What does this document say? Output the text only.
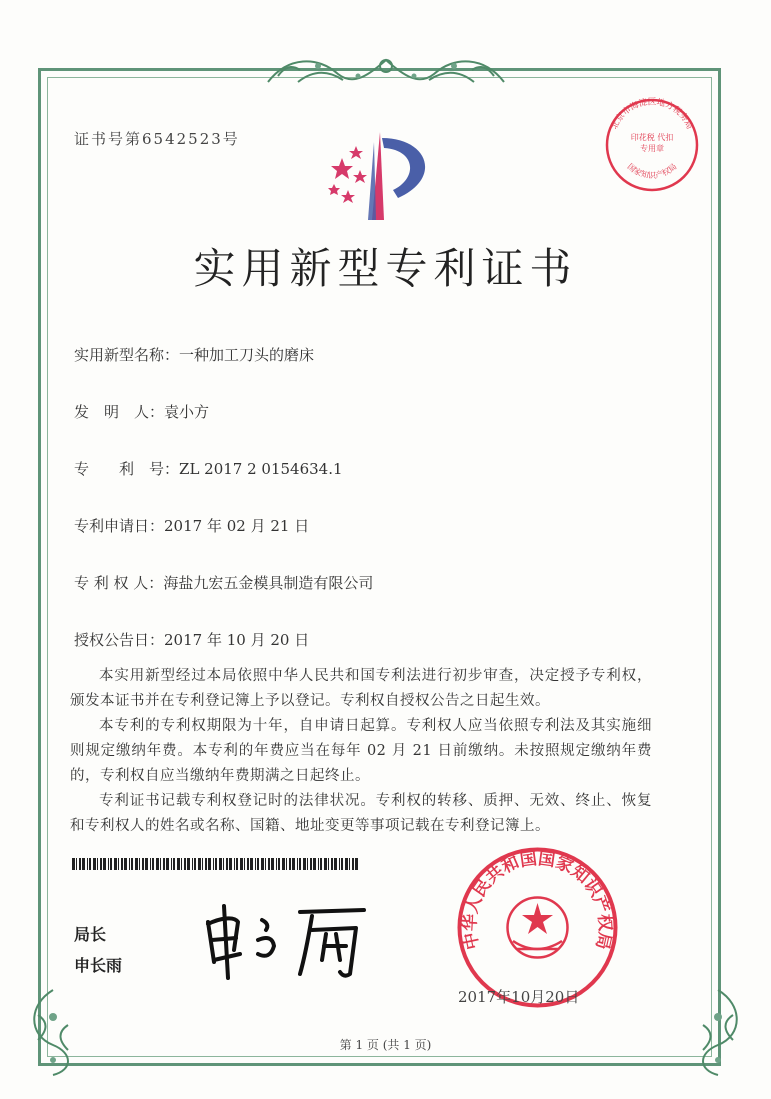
证书号第6542523号
实用新型专利证书
实用新型名称：一种加工刀头的磨床
发　明　人：袁小方
专　　利　号：ZL 2017 2 0154634.1
专利申请日：2017 年 02 月 21 日
专 利 权 人：海盐九宏五金模具制造有限公司
授权公告日：2017 年 10 月 20 日

本实用新型经过本局依照中华人民共和国专利法进行初步审查，决定授予专利权，颁发本证书并在专利登记簿上予以登记。专利权自授权公告之日起生效。

本专利的专利权期限为十年，自申请日起算。专利权人应当依照专利法及其实施细则规定缴纳年费。本专利的年费应当在每年 02 月 21 日前缴纳。未按照规定缴纳年费的，专利权自应当缴纳年费期满之日起终止。

专利证书记载专利权登记时的法律状况。专利权的转移、质押、无效、终止、恢复和专利权人的姓名或名称、国籍、地址变更等事项记载在专利登记簿上。

局长
申长雨
中华人民共和国国家知识产权局
2017年10月20日
北京市海淀区地方税务局
国家知识产权局
印花税 代扣专用章
第 1 页 (共 1 页)
